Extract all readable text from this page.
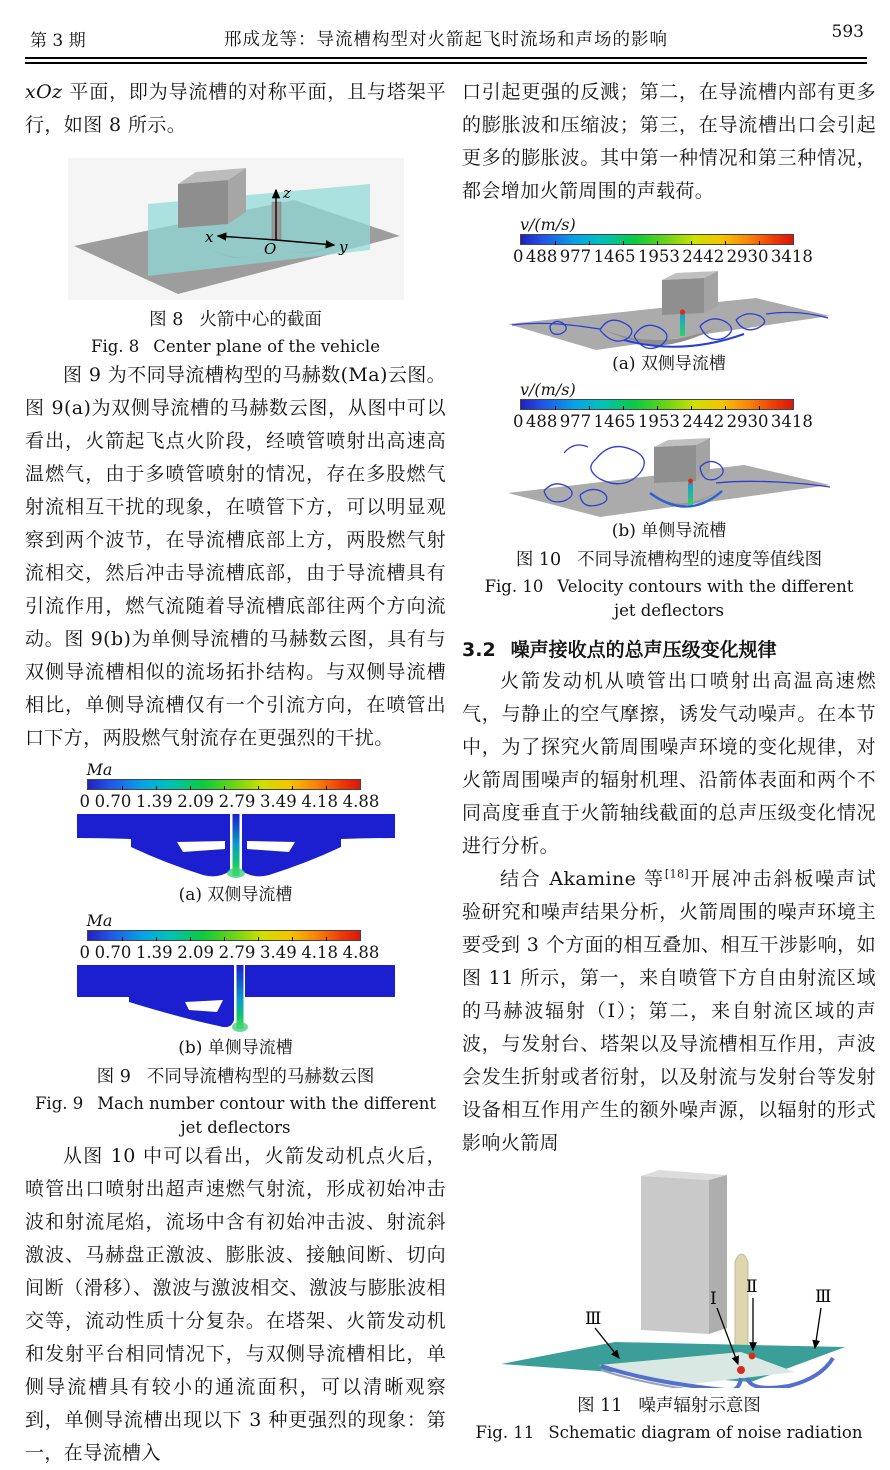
第 3 期	邢成龙等：导流槽构型对火箭起飞时流场和声场的影响	593

xOz 平面，即为导流槽的对称平面，且与塔架平行，如图 8 所示。

z
x
y
O
图 8 火箭中心的截面
Fig. 8 Center plane of the vehicle

图 9 为不同导流槽构型的马赫数(Ma)云图。图 9(a)为双侧导流槽的马赫数云图，从图中可以看出，火箭起飞点火阶段，经喷管喷射出高速高温燃气，由于多喷管喷射的情况，存在多股燃气射流相互干扰的现象，在喷管下方，可以明显观察到两个波节，在导流槽底部上方，两股燃气射流相交，然后冲击导流槽底部，由于导流槽具有引流作用，燃气流随着导流槽底部往两个方向流动。图 9(b)为单侧导流槽的马赫数云图，具有与双侧导流槽相似的流场拓扑结构。与双侧导流槽相比，单侧导流槽仅有一个引流方向，在喷管出口下方，两股燃气射流存在更强烈的干扰。

Ma
0 0.70 1.39 2.09 2.79 3.49 4.18 4.88
(a) 双侧导流槽
Ma
0 0.70 1.39 2.09 2.79 3.49 4.18 4.88
(b) 单侧导流槽
图 9 不同导流槽构型的马赫数云图
Fig. 9 Mach number contour with the different
jet deflectors

从图 10 中可以看出，火箭发动机点火后，喷管出口喷射出超声速燃气射流，形成初始冲击波和射流尾焰，流场中含有初始冲击波、射流斜激波、马赫盘正激波、膨胀波、接触间断、切向间断（滑移）、激波与激波相交、激波与膨胀波相交等，流动性质十分复杂。在塔架、火箭发动机和发射平台相同情况下，与双侧导流槽相比，单侧导流槽具有较小的通流面积，可以清晰观察到，单侧导流槽出现以下 3 种更强烈的现象：第一，在导流槽入

口引起更强的反溅；第二，在导流槽内部有更多的膨胀波和压缩波；第三，在导流槽出口会引起更多的膨胀波。其中第一种情况和第三种情况，都会增加火箭周围的声载荷。

v/(m/s)
0 488 977 1465 1953 2442 2930 3418
(a) 双侧导流槽
v/(m/s)
0 488 977 1465 1953 2442 2930 3418
(b) 单侧导流槽
图 10 不同导流槽构型的速度等值线图
Fig. 10 Velocity contours with the different
jet deflectors
3.2 噪声接收点的总声压级变化规律

火箭发动机从喷管出口喷射出高温高速燃气，与静止的空气摩擦，诱发气动噪声。在本节中，为了探究火箭周围噪声环境的变化规律，对火箭周围噪声的辐射机理、沿箭体表面和两个不同高度垂直于火箭轴线截面的总声压级变化情况进行分析。

结合 Akamine 等[18]开展冲击斜板噪声试验研究和噪声结果分析，火箭周围的噪声环境主要受到 3 个方面的相互叠加、相互干涉影响，如图 11 所示，第一，来自喷管下方自由射流区域的马赫波辐射（Ⅰ）；第二，来自射流区域的声波，与发射台、塔架以及导流槽相互作用，声波会发生折射或者衍射，以及射流与发射台等发射设备相互作用产生的额外噪声源，以辐射的形式影响火箭周

Ⅲ
Ⅰ
Ⅱ	Ⅲ
图 11 噪声辐射示意图
Fig. 11 Schematic diagram of noise radiation
